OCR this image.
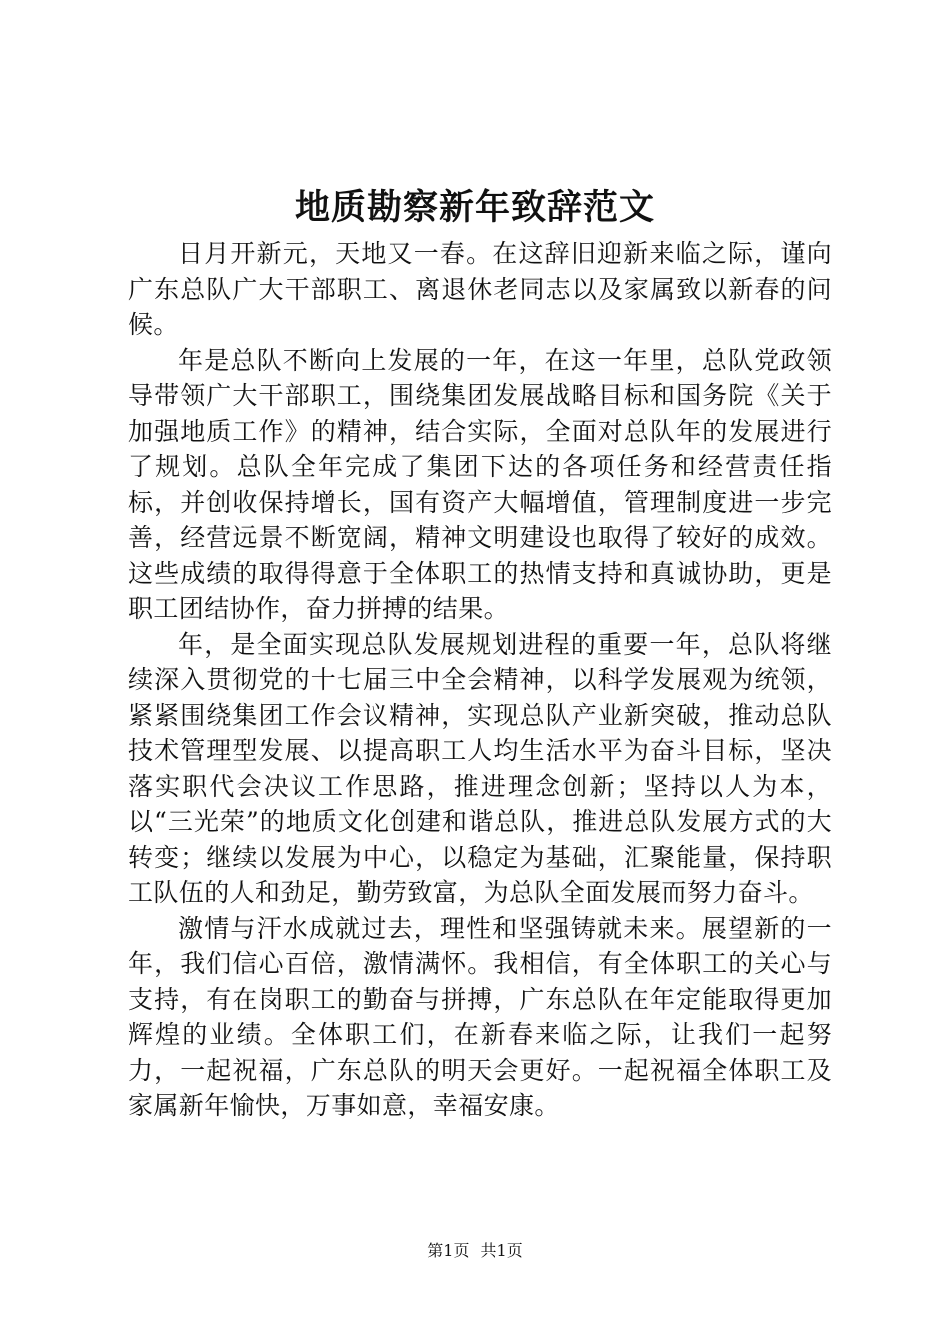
地质勘察新年致辞范文

日月开新元，天地又一春。在这辞旧迎新来临之际，谨向广东总队广大干部职工、离退休老同志以及家属致以新春的问候。

年是总队不断向上发展的一年，在这一年里，总队党政领导带领广大干部职工，围绕集团发展战略目标和国务院《关于加强地质工作》的精神，结合实际，全面对总队年的发展进行了规划。总队全年完成了集团下达的各项任务和经营责任指标，并创收保持增长，国有资产大幅增值，管理制度进一步完善，经营远景不断宽阔，精神文明建设也取得了较好的成效。这些成绩的取得得意于全体职工的热情支持和真诚协助，更是职工团结协作，奋力拼搏的结果。

年，是全面实现总队发展规划进程的重要一年，总队将继续深入贯彻党的十七届三中全会精神，以科学发展观为统领，紧紧围绕集团工作会议精神，实现总队产业新突破，推动总队技术管理型发展、以提高职工人均生活水平为奋斗目标，坚决落实职代会决议工作思路，推进理念创新；坚持以人为本，以“三光荣”的地质文化创建和谐总队，推进总队发展方式的大转变；继续以发展为中心，以稳定为基础，汇聚能量，保持职工队伍的人和劲足，勤劳致富，为总队全面发展而努力奋斗。

激情与汗水成就过去，理性和坚强铸就未来。展望新的一年，我们信心百倍，激情满怀。我相信，有全体职工的关心与支持，有在岗职工的勤奋与拼搏，广东总队在年定能取得更加辉煌的业绩。全体职工们，在新春来临之际，让我们一起努力，一起祝福，广东总队的明天会更好。一起祝福全体职工及家属新年愉快，万事如意，幸福安康。

第1页 共1页
